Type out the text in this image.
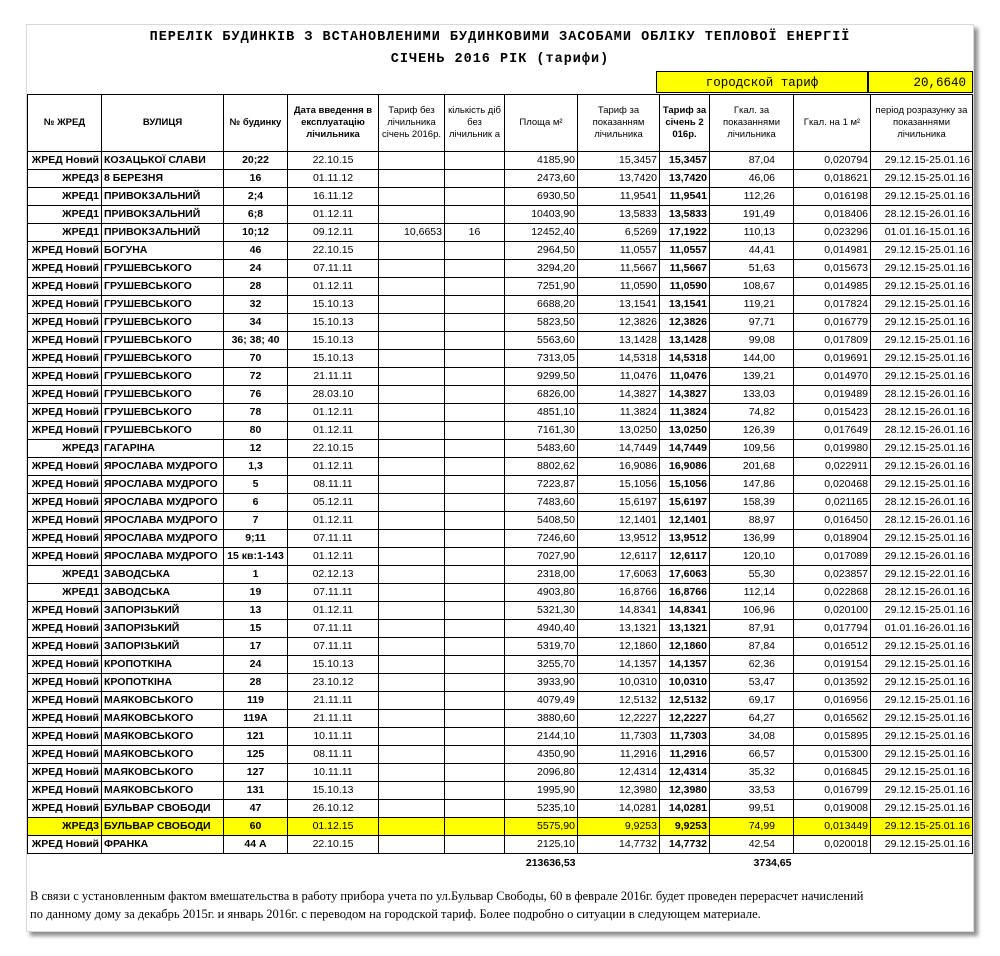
ПЕРЕЛІК БУДИНКІВ З ВСТАНОВЛЕНИМИ БУДИНКОВИМИ ЗАСОБАМИ ОБЛІКУ ТЕПЛОВОЇ ЕНЕРГІЇ
СІЧЕНЬ 2016 РІК (тарифи)
городской тариф	20,6640
№ ЖРЕД	ВУЛИЦЯ	№ будинку	Дата введення в експлуатацію лічильника	Тариф без лічильника січень 2016р.	кількість діб без лічильник а	Площа м²	Тариф за показанням лічильника	Тариф за січень 2 016р.	Гкал. за показаннями лічильника	Гкал. на 1 м²	період розразунку за показаннями лічильника
ЖРЕД Новий	КОЗАЦЬКОЇ СЛАВИ	20;22	22.10.15			4185,90	15,3457	15,3457	87,04	0,020794	29.12.15-25.01.16
ЖРЕД3	8 БЕРЕЗНЯ	16	01.11.12			2473,60	13,7420	13,7420	46,06	0,018621	29.12.15-25.01.16
ЖРЕД1	ПРИВОКЗАЛЬНИЙ	2;4	16.11.12			6930,50	11,9541	11,9541	112,26	0,016198	29.12.15-25.01.16
ЖРЕД1	ПРИВОКЗАЛЬНИЙ	6;8	01.12.11			10403,90	13,5833	13,5833	191,49	0,018406	28.12.15-26.01.16
ЖРЕД1	ПРИВОКЗАЛЬНИЙ	10;12	09.12.11	10,6653	16	12452,40	6,5269	17,1922	110,13	0,023296	01.01.16-15.01.16
ЖРЕД Новий	БОГУНА	46	22.10.15			2964,50	11,0557	11,0557	44,41	0,014981	29.12.15-25.01.16
ЖРЕД Новий	ГРУШЕВСЬКОГО	24	07.11.11			3294,20	11,5667	11,5667	51,63	0,015673	29.12.15-25.01.16
ЖРЕД Новий	ГРУШЕВСЬКОГО	28	01.12.11			7251,90	11,0590	11,0590	108,67	0,014985	29.12.15-25.01.16
ЖРЕД Новий	ГРУШЕВСЬКОГО	32	15.10.13			6688,20	13,1541	13,1541	119,21	0,017824	29.12.15-25.01.16
ЖРЕД Новий	ГРУШЕВСЬКОГО	34	15.10.13			5823,50	12,3826	12,3826	97,71	0,016779	29.12.15-25.01.16
ЖРЕД Новий	ГРУШЕВСЬКОГО	36; 38; 40	15.10.13			5563,60	13,1428	13,1428	99,08	0,017809	29.12.15-25.01.16
ЖРЕД Новий	ГРУШЕВСЬКОГО	70	15.10.13			7313,05	14,5318	14,5318	144,00	0,019691	29.12.15-25.01.16
ЖРЕД Новий	ГРУШЕВСЬКОГО	72	21.11.11			9299,50	11,0476	11,0476	139,21	0,014970	29.12.15-25.01.16
ЖРЕД Новий	ГРУШЕВСЬКОГО	76	28.03.10			6826,00	14,3827	14,3827	133,03	0,019489	28.12.15-26.01.16
ЖРЕД Новий	ГРУШЕВСЬКОГО	78	01.12.11			4851,10	11,3824	11,3824	74,82	0,015423	28.12.15-26.01.16
ЖРЕД Новий	ГРУШЕВСЬКОГО	80	01.12.11			7161,30	13,0250	13,0250	126,39	0,017649	28.12.15-26.01.16
ЖРЕД3	ГАГАРІНА	12	22.10.15			5483,60	14,7449	14,7449	109,56	0,019980	29.12.15-25.01.16
ЖРЕД Новий	ЯРОСЛАВА МУДРОГО	1,3	01.12.11			8802,62	16,9086	16,9086	201,68	0,022911	29.12.15-26.01.16
ЖРЕД Новий	ЯРОСЛАВА МУДРОГО	5	08.11.11			7223,87	15,1056	15,1056	147,86	0,020468	29.12.15-25.01.16
ЖРЕД Новий	ЯРОСЛАВА МУДРОГО	6	05.12.11			7483,60	15,6197	15,6197	158,39	0,021165	28.12.15-26.01.16
ЖРЕД Новий	ЯРОСЛАВА МУДРОГО	7	01.12.11			5408,50	12,1401	12,1401	88,97	0,016450	28.12.15-26.01.16
ЖРЕД Новий	ЯРОСЛАВА МУДРОГО	9;11	07.11.11			7246,60	13,9512	13,9512	136,99	0,018904	29.12.15-25.01.16
ЖРЕД Новий	ЯРОСЛАВА МУДРОГО	15 кв:1-143	01.12.11			7027,90	12,6117	12,6117	120,10	0,017089	29.12.15-26.01.16
ЖРЕД1	ЗАВОДСЬКА	1	02.12.13			2318,00	17,6063	17,6063	55,30	0,023857	29.12.15-22.01.16
ЖРЕД1	ЗАВОДСЬКА	19	07.11.11			4903,80	16,8766	16,8766	112,14	0,022868	28.12.15-26.01.16
ЖРЕД Новий	ЗАПОРІЗЬКИЙ	13	01.12.11			5321,30	14,8341	14,8341	106,96	0,020100	29.12.15-25.01.16
ЖРЕД Новий	ЗАПОРІЗЬКИЙ	15	07.11.11			4940,40	13,1321	13,1321	87,91	0,017794	01.01.16-26.01.16
ЖРЕД Новий	ЗАПОРІЗЬКИЙ	17	07.11.11			5319,70	12,1860	12,1860	87,84	0,016512	29.12.15-25.01.16
ЖРЕД Новий	КРОПОТКІНА	24	15.10.13			3255,70	14,1357	14,1357	62,36	0,019154	29.12.15-25.01.16
ЖРЕД Новий	КРОПОТКІНА	28	23.10.12			3933,90	10,0310	10,0310	53,47	0,013592	29.12.15-25.01.16
ЖРЕД Новий	МАЯКОВСЬКОГО	119	21.11.11			4079,49	12,5132	12,5132	69,17	0,016956	29.12.15-25.01.16
ЖРЕД Новий	МАЯКОВСЬКОГО	119А	21.11.11			3880,60	12,2227	12,2227	64,27	0,016562	29.12.15-25.01.16
ЖРЕД Новий	МАЯКОВСЬКОГО	121	10.11.11			2144,10	11,7303	11,7303	34,08	0,015895	29.12.15-25.01.16
ЖРЕД Новий	МАЯКОВСЬКОГО	125	08.11.11			4350,90	11,2916	11,2916	66,57	0,015300	29.12.15-25.01.16
ЖРЕД Новий	МАЯКОВСЬКОГО	127	10.11.11			2096,80	12,4314	12,4314	35,32	0,016845	29.12.15-25.01.16
ЖРЕД Новий	МАЯКОВСЬКОГО	131	15.10.13			1995,90	12,3980	12,3980	33,53	0,016799	29.12.15-25.01.16
ЖРЕД Новий	БУЛЬВАР СВОБОДИ	47	26.10.12			5235,10	14,0281	14,0281	99,51	0,019008	29.12.15-25.01.16
ЖРЕД3	БУЛЬВАР СВОБОДИ	60	01.12.15			5575,90	9,9253	9,9253	74,99	0,013449	29.12.15-25.01.16
ЖРЕД Новий	ФРАНКА	44 А	22.10.15			2125,10	14,7732	14,7732	42,54	0,020018	29.12.15-25.01.16
						213636,53			3734,65		
В связи с установленным фактом вмешательства в работу прибора учета по ул.Бульвар Свободы, 60 в феврале 2016г. будет проведен перерасчет начислений
по данному дому за декабрь 2015г. и январь 2016г. с переводом на городской тариф. Более подробно о ситуации в следующем материале.
